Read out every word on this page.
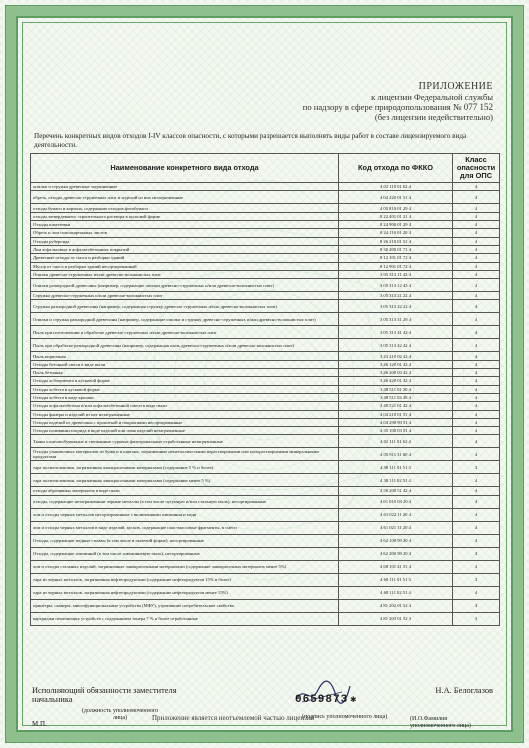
ПРИЛОЖЕНИЕ
к лицензии Федеральной службы
по надзору в сфере природопользования № 077 152
(без лицензии недействительно)
Перечень конкретных видов отходов I-IV классов опасности, с которыми разрешается выполнять виды работ в составе лицензируемого вида деятельности.
Наименование конкретного вида отхода	Код отхода по ФККО	Класс опасности для ОПС
опилки и стружка древесные загрязненные	4 02 110 01 62 4	4
обрезь, отходы древесно-стружечных плит и изделий из них незагрязненные	4 04 220 01 51 4	4
отходы бумаги и картона, содержание отходов фотобумаги	4 05 810 01 29 4	4
отходы затвердевшего строительного раствора в кусковой форме	8 22 401 01 21 4	4
Отходы шпатлевки	8 24 900 01 29 4	4
Обрезь и лом гипсокартонных листов	8 24 110 01 20 4	4
Отходы рубероида	8 26 210 01 51 4	4
Лом асфальтовых и асфальтобетонных покрытий	8 30 200 01 71 4	4
Древесные отходы от сноса и разборки зданий	8 12 101 01 72 4	4
Мусор от сноса и разборки зданий несортированный	8 12 901 01 72 4	4
Опилки древесно-стружечных и/или древесно-волокнистых плит	3 05 313 11 43 4	4
Опилки разнородной древесины (например, содержащие опилки древесно-стружечных и/или древесно-волокнистых плит)	3 05 313 12 43 4	4
Стружка древесно-стружечных и/или древесно-волокнистых плит	3 05 313 21 22 4	4
Стружка разнородной древесины (например, содержащая стружку древесно-стружечных и/или древесно-волокнистых плит)	3 05 313 22 22 4	4
Опилки и стружка разнородной древесины (например, содержащие опилки и стружку древесно-стружечных и/или древесно-волокнистых плит)	3 05 313 31 29 4	4
Пыль при изготовлении и обработке древесно-стружечных и/или древесно-волокнистых плит	3 05 313 41 42 4	4
Пыль при обработке разнородной древесины (например, содержащая пыль древесно-стружечных и/или древесно-волокнистых плит)	3 05 313 42 42 4	4
Пыль кирпичная	3 43 210 02 42 4	4
Отходы бетонной смеси в виде пыли	3 46 120 01 42 4	4
Пыль бетонная	3 46 200 03 42 4	4
Отходы асбоцемента в кусковой форме	3 46 420 01 42 4	4
Отходы асбеста в кусковой форме	3 48 511 01 20 4	4
Отходы асбеста в виде крошки	3 48 511 03 49 4	4
Отходы асфальтобетона и/или асфальтобетонной смеси в виде пыли	3 48 521 01 42 4	4
Отходы фанеры и изделий из нее незагрязненные	4 04 210 01 51 4	4
Отходы изделий из древесины с пропиткой и покрытиями несортированные	4 04 290 99 51 4	4
Отходы поливинилхлорида в виде изделий или лома изделий незагрязненные	4 35 100 03 51 4	4
Ткани хлопчатобумажные и смешанные суровые фильтровальные отработанные незагрязненные	4 02 111 01 62 4	4
Отходы упаковочных материалов из бумаги и картона, загрязненные неметаллическими нерастворимыми или малорастворимыми минеральными продуктами	4 05 911 31 60 4	4
тара полиэтиленовая, загрязненная лакокрасочными материалами (содержание 5 % и более)	4 38 111 01 51 3	3
тара полиэтиленовая, загрязненная лакокрасочными материалами (содержание менее 5 %)	4 38 111 02 51 4	4
отходы абразивных материалов в виде пыли	4 56 200 51 42 4	4
отходы, содержащие незагрязненные черные металлы (в том числе чугунную и/или стальную пыль), несортированные	4 61 010 03 20 4	4
лом и отходы черных металлов несортированные с включениями алюминия и меди	4 61 022 11 20 4	4
лом и отходы черных металлов в виде изделий, кусков, содержащие пластмассовые фрагменты, в смеси	4 61 021 11 20 4	4
Отходы, содержащие медные сплавы (в том числе в пылевой форме), несортированные	4 62 100 99 20 4	4
Отходы, содержащие алюминий (в том числе алюминиевую пыль), несортированные	4 62 200 99 20 4	4
лом и отходы стальных изделий, загрязненные лакокрасочными материалами (содержание лакокрасочных материалов менее 5%)	4 68 101 41 51 4	4
тара из черных металлов, загрязненная нефтепродуктами (содержание нефтепродуктов 15% и более)	4 68 111 01 51 3	3
тара из черных металлов, загрязненная нефтепродуктами (содержание нефтепродуктов менее 15%)	4 68 111 02 51 4	4
принтеры, сканеры, многофункциональные устройства (МФУ), утратившие потребительские свойства	4 81 202 01 52 4	4
картриджи печатающих устройств с содержанием тонера 7 % и более отработанные	4 81 203 01 52 3	3
Исполняющий обязанности заместителя начальника
(должность уполномоченного лица)
0659873 ✱
Н.А. Белоглазов
(подпись уполномоченного лица)
Приложение является неотъемлемой частью лицензии	(И.О.Фамилия уполномоченного лица)
М.П.
